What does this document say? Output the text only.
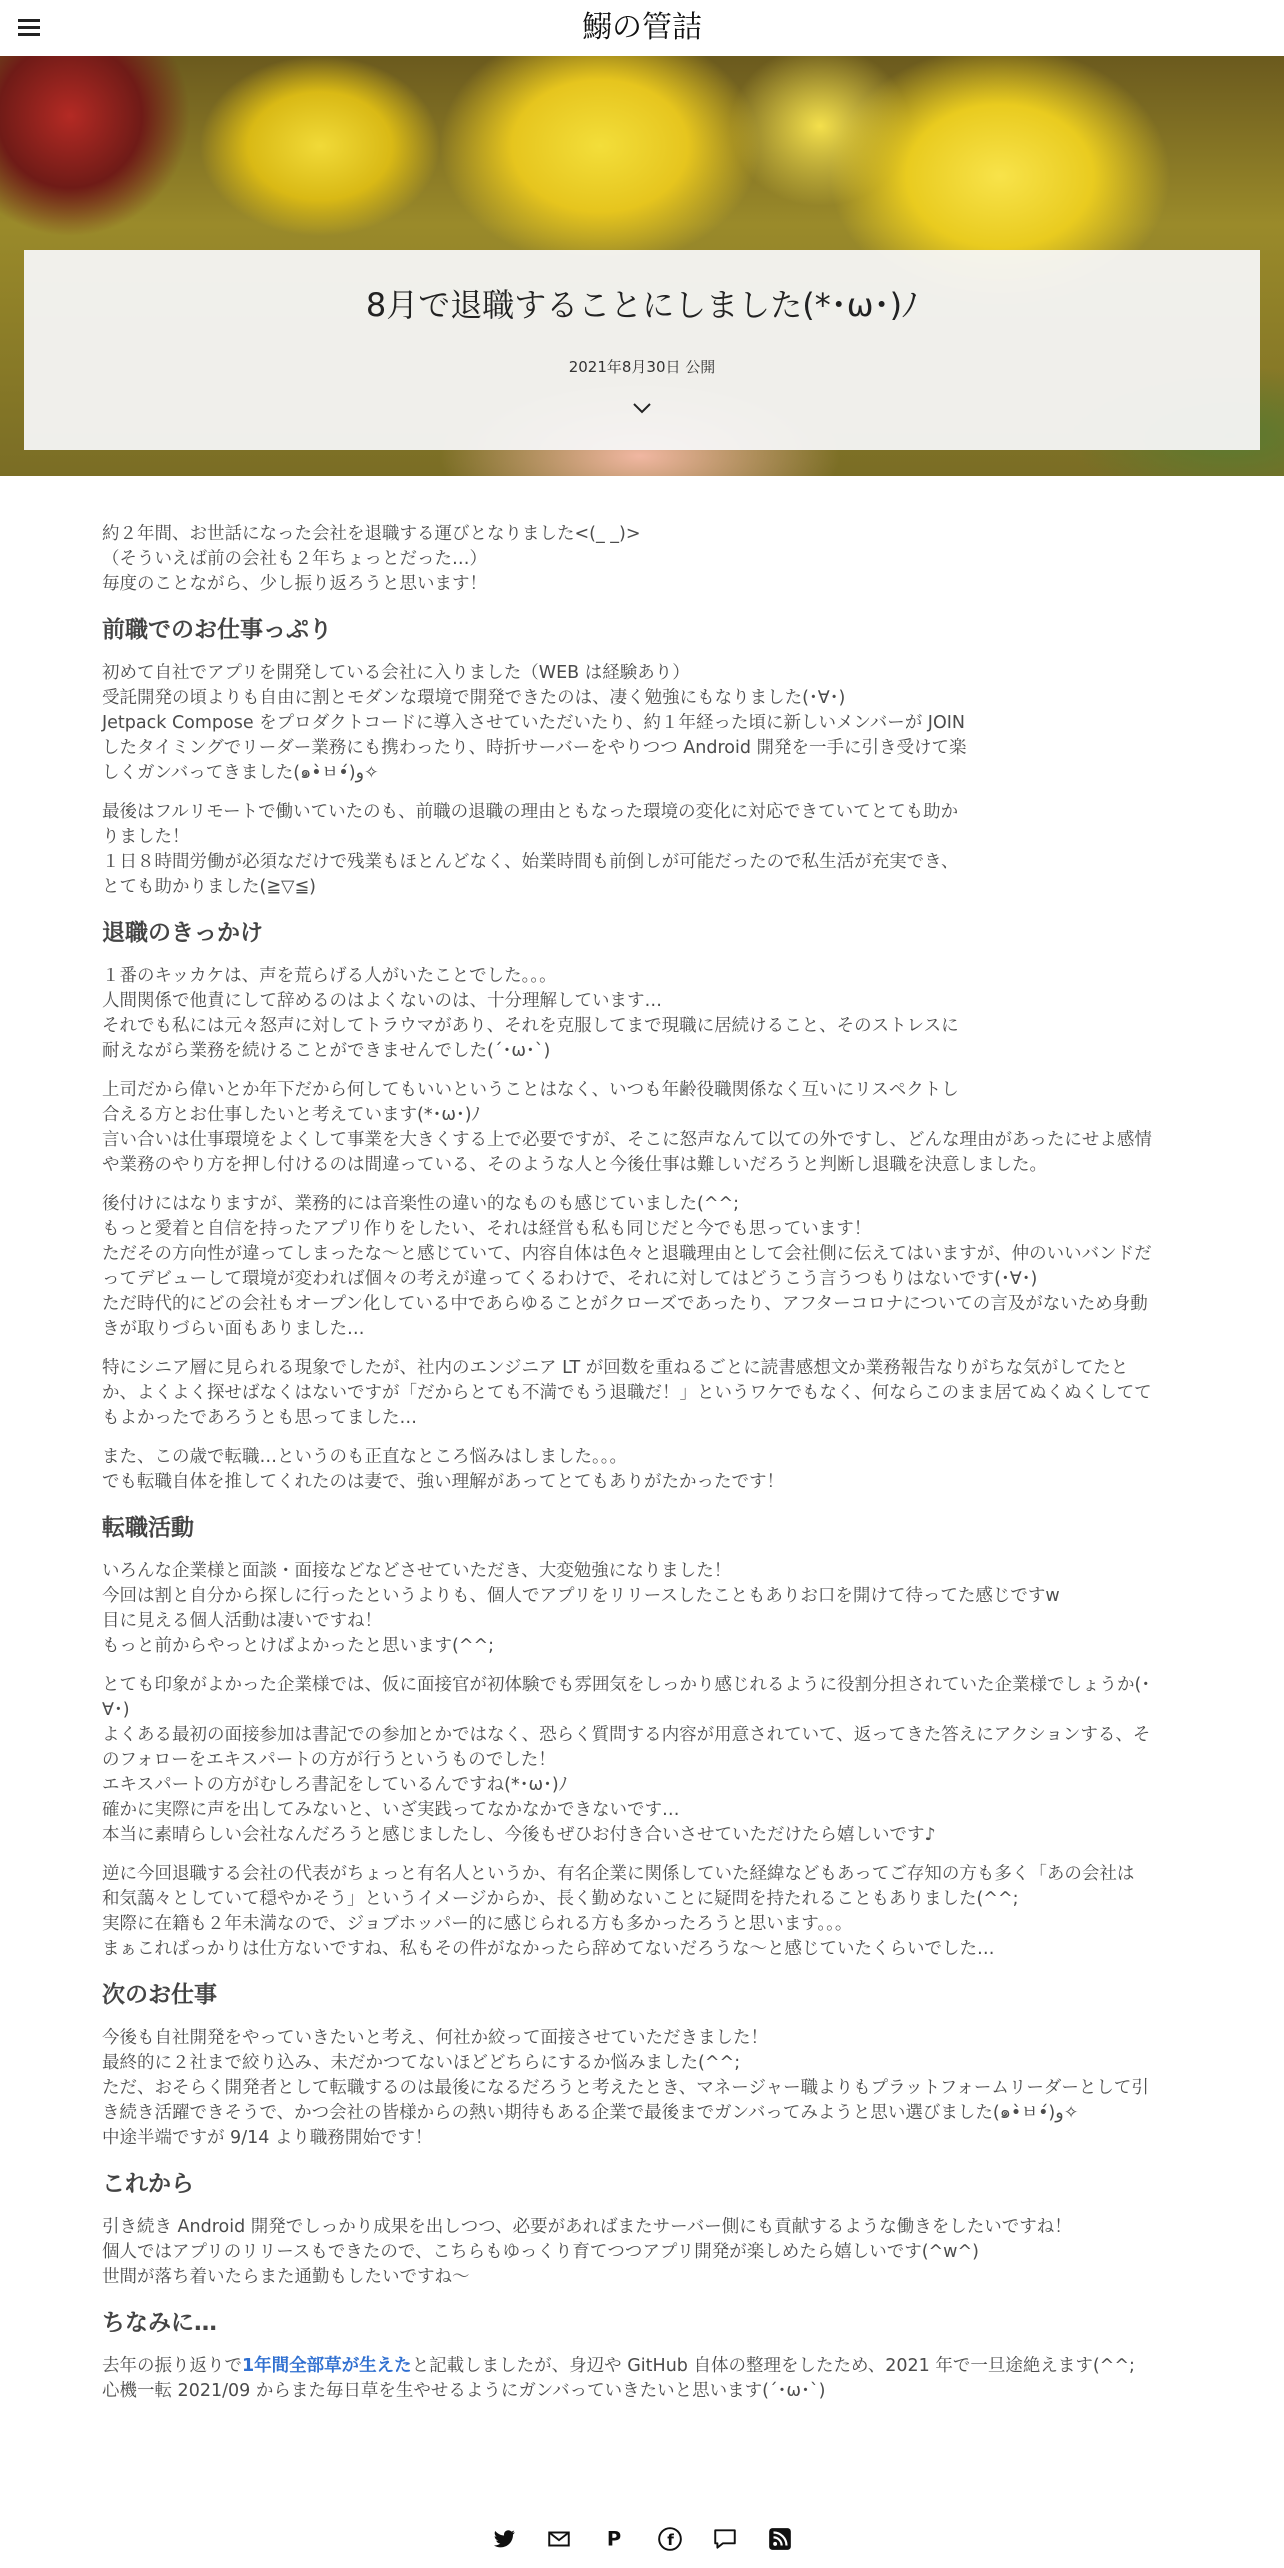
鰯の管詰
8月で退職することにしました(*･ω･)ﾉ
2021年8月30日 公開

約２年間、お世話になった会社を退職する運びとなりました<(_ _)>
（そういえば前の会社も２年ちょっとだった…）
毎度のことながら、少し振り返ろうと思います！

前職でのお仕事っぷり

初めて自社でアプリを開発している会社に入りました（WEB は経験あり）
受託開発の頃よりも自由に割とモダンな環境で開発できたのは、凄く勉強にもなりました(･∀･)
Jetpack Compose をプロダクトコードに導入させていただいたり、約１年経った頃に新しいメンバーが JOIN
したタイミングでリーダー業務にも携わったり、時折サーバーをやりつつ Android 開発を一手に引き受けて楽
しくガンバってきました(๑•̀ㅂ•́)و✧

最後はフルリモートで働いていたのも、前職の退職の理由ともなった環境の変化に対応できていてとても助か
りました！
１日８時間労働が必須なだけで残業もほとんどなく、始業時間も前倒しが可能だったので私生活が充実でき、
とても助かりました(≧▽≦)

退職のきっかけ

１番のキッカケは、声を荒らげる人がいたことでした。。。
人間関係で他責にして辞めるのはよくないのは、十分理解しています…
それでも私には元々怒声に対してトラウマがあり、それを克服してまで現職に居続けること、そのストレスに
耐えながら業務を続けることができませんでした(´･ω･`)

上司だから偉いとか年下だから何してもいいということはなく、いつも年齢役職関係なく互いにリスペクトし
合える方とお仕事したいと考えています(*･ω･)ﾉ
言い合いは仕事環境をよくして事業を大きくする上で必要ですが、そこに怒声なんて以ての外ですし、どんな理由があったにせよ感情
や業務のやり方を押し付けるのは間違っている、そのような人と今後仕事は難しいだろうと判断し退職を決意しました。

後付けにはなりますが、業務的には音楽性の違い的なものも感じていました(^^;
もっと愛着と自信を持ったアプリ作りをしたい、それは経営も私も同じだと今でも思っています！
ただその方向性が違ってしまったな〜と感じていて、内容自体は色々と退職理由として会社側に伝えてはいますが、仲のいいバンドだ
ってデビューして環境が変われば個々の考えが違ってくるわけで、それに対してはどうこう言うつもりはないです(･∀･)
ただ時代的にどの会社もオープン化している中であらゆることがクローズであったり、アフターコロナについての言及がないため身動
きが取りづらい面もありました…

特にシニア層に見られる現象でしたが、社内のエンジニア LT が回数を重ねるごとに読書感想文か業務報告なりがちな気がしてたと
か、よくよく探せばなくはないですが「だからとても不満でもう退職だ！」というワケでもなく、何ならこのまま居てぬくぬくしてて
もよかったであろうとも思ってました…

また、この歳で転職…というのも正直なところ悩みはしました。。。
でも転職自体を推してくれたのは妻で、強い理解があってとてもありがたかったです！

転職活動

いろんな企業様と面談・面接などなどさせていただき、大変勉強になりました！
今回は割と自分から探しに行ったというよりも、個人でアプリをリリースしたこともありお口を開けて待ってた感じですw
目に見える個人活動は凄いですね！
もっと前からやっとけばよかったと思います(^^;

とても印象がよかった企業様では、仮に面接官が初体験でも雰囲気をしっかり感じれるように役割分担されていた企業様でしょうか(･
∀･)
よくある最初の面接参加は書記での参加とかではなく、恐らく質問する内容が用意されていて、返ってきた答えにアクションする、そ
のフォローをエキスパートの方が行うというものでした！
エキスパートの方がむしろ書記をしているんですね(*･ω･)ﾉ
確かに実際に声を出してみないと、いざ実践ってなかなかできないです…
本当に素晴らしい会社なんだろうと感じましたし、今後もぜひお付き合いさせていただけたら嬉しいです♪

逆に今回退職する会社の代表がちょっと有名人というか、有名企業に関係していた経緯などもあってご存知の方も多く「あの会社は
和気藹々としていて穏やかそう」というイメージからか、長く勤めないことに疑問を持たれることもありました(^^;
実際に在籍も２年未満なので、ジョブホッパー的に感じられる方も多かったろうと思います。。。
まぁこればっかりは仕方ないですね、私もその件がなかったら辞めてないだろうな〜と感じていたくらいでした…

次のお仕事

今後も自社開発をやっていきたいと考え、何社か絞って面接させていただきました！
最終的に２社まで絞り込み、未だかつてないほどどちらにするか悩みました(^^;
ただ、おそらく開発者として転職するのは最後になるだろうと考えたとき、マネージャー職よりもプラットフォームリーダーとして引
き続き活躍できそうで、かつ会社の皆様からの熱い期待もある企業で最後までガンバってみようと思い選びました(๑•̀ㅂ•́)و✧
中途半端ですが 9/14 より職務開始です！

これから

引き続き Android 開発でしっかり成果を出しつつ、必要があればまたサーバー側にも貢献するような働きをしたいですね！
個人ではアプリのリリースもできたので、こちらもゆっくり育てつつアプリ開発が楽しめたら嬉しいです(^w^)
世間が落ち着いたらまた通勤もしたいですね〜

ちなみに…

去年の振り返りで1年間全部草が生えたと記載しましたが、身辺や GitHub 自体の整理をしたため、2021 年で一旦途絶えます(^^;
心機一転 2021/09 からまた毎日草を生やせるようにガンバっていきたいと思います(´･ω･`)

P
	f
